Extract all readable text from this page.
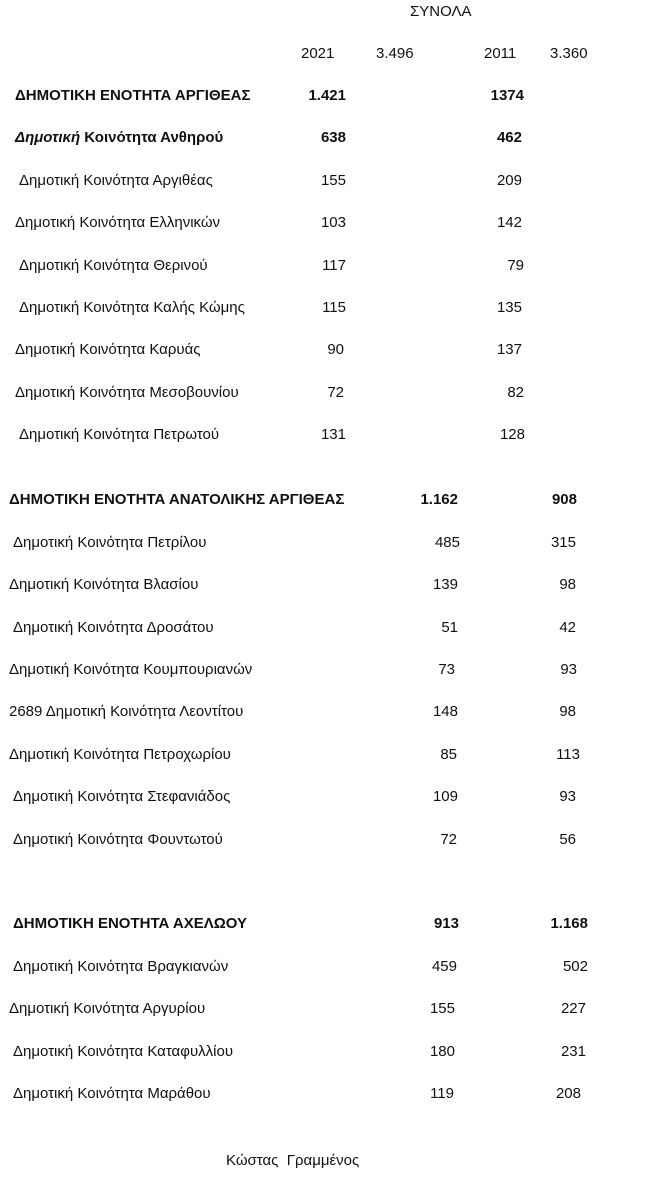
ΣΥΝΟΛΑ
2021	3.496	2011 3.360
ΔΗΜΟΤΙΚΗ ΕΝΟΤΗΤΑ ΑΡΓΙΘΕΑΣ	1.421	1374
Δημοτική Κοινότητα Ανθηρού	638	462
Δημοτική Κοινότητα Αργιθέας	155	209
Δημοτική Κοινότητα Ελληνικών	103	142
Δημοτική Κοινότητα Θερινού	117	79
Δημοτική Κοινότητα Καλής Κώμης	115	135
Δημοτική Κοινότητα Καρυάς	90	137
Δημοτική Κοινότητα Μεσοβουνίου	72	82
Δημοτική Κοινότητα Πετρωτού	131	128
ΔΗΜΟΤΙΚΗ ΕΝΟΤΗΤΑ ΑΝΑΤΟΛΙΚΗΣ ΑΡΓΙΘΕΑΣ	1.162	908
Δημοτική Κοινότητα Πετρίλου	485	315
Δημοτική Κοινότητα Βλασίου	139	98
Δημοτική Κοινότητα Δροσάτου	51	42
Δημοτική Κοινότητα Κουμπουριανών	73	93
2689 Δημοτική Κοινότητα Λεοντίτου	148	98
Δημοτική Κοινότητα Πετροχωρίου	85	113
Δημοτική Κοινότητα Στεφανιάδος	109	93
Δημοτική Κοινότητα Φουντωτού	72	56
ΔΗΜΟΤΙΚΗ ΕΝΟΤΗΤΑ ΑΧΕΛΩΟΥ	913	1.168
Δημοτική Κοινότητα Βραγκιανών	459	502
Δημοτική Κοινότητα Αργυρίου	155	227
Δημοτική Κοινότητα Καταφυλλίου	180	231
Δημοτική Κοινότητα Μαράθου	119	208
Κώστας  Γραμμένος
